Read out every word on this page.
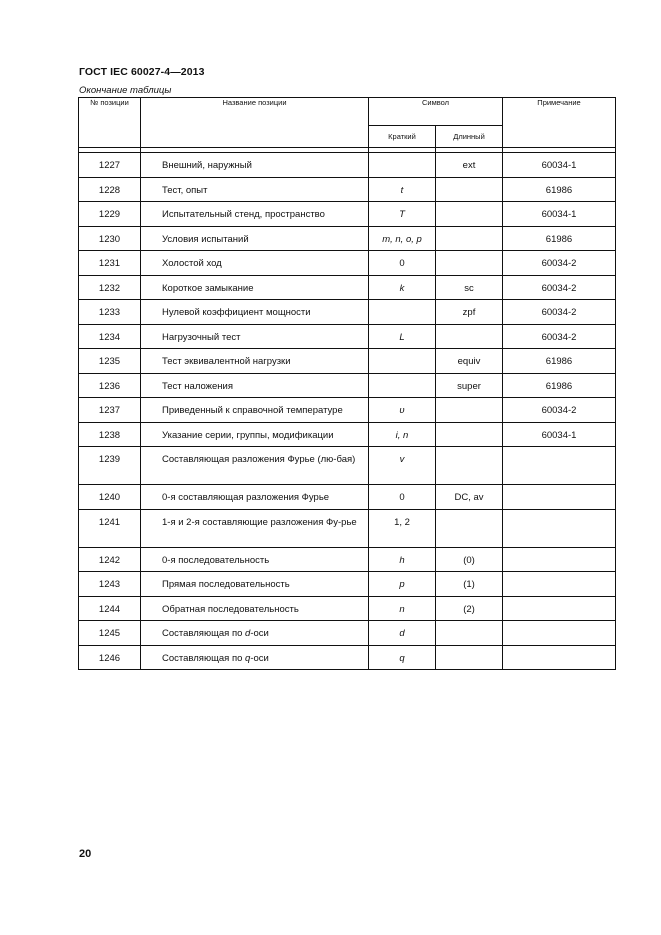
ГОСТ IEC 60027-4—2013
Окончание таблицы
№ позиции	Название позиции	Символ		Примечание
		Краткий	Длинный	

1227	Внешний, наружный		ext	60034-1
1228	Тест, опыт	t		61986
1229	Испытательный стенд, пространство	T		60034-1
1230	Условия испытаний	m, n, o, p		61986
1231	Холостой ход	0		60034-2
1232	Короткое замыкание	k	sc	60034-2
1233	Нулевой коэффициент мощности		zpf	60034-2
1234	Нагрузочный тест	L		60034-2
1235	Тест эквивалентной нагрузки		equiv	61986
1236	Тест наложения		super	61986
1237	Приведенный к справочной температуре	υ		60034-2
1238	Указание серии, группы, модификации	i, n		60034-1
1239	Составляющая разложения Фурье (лю-бая)	v		
1240	0-я составляющая разложения Фурье	0	DC, av	
1241	1-я и 2-я составляющие разложения Фу-рье	1, 2		
1242	0-я последовательность	h	(0)	
1243	Прямая последовательность	p	(1)	
1244	Обратная последовательность	n	(2)	
1245	Составляющая по d-оси	d		
1246	Составляющая по q-оси	q		
20
